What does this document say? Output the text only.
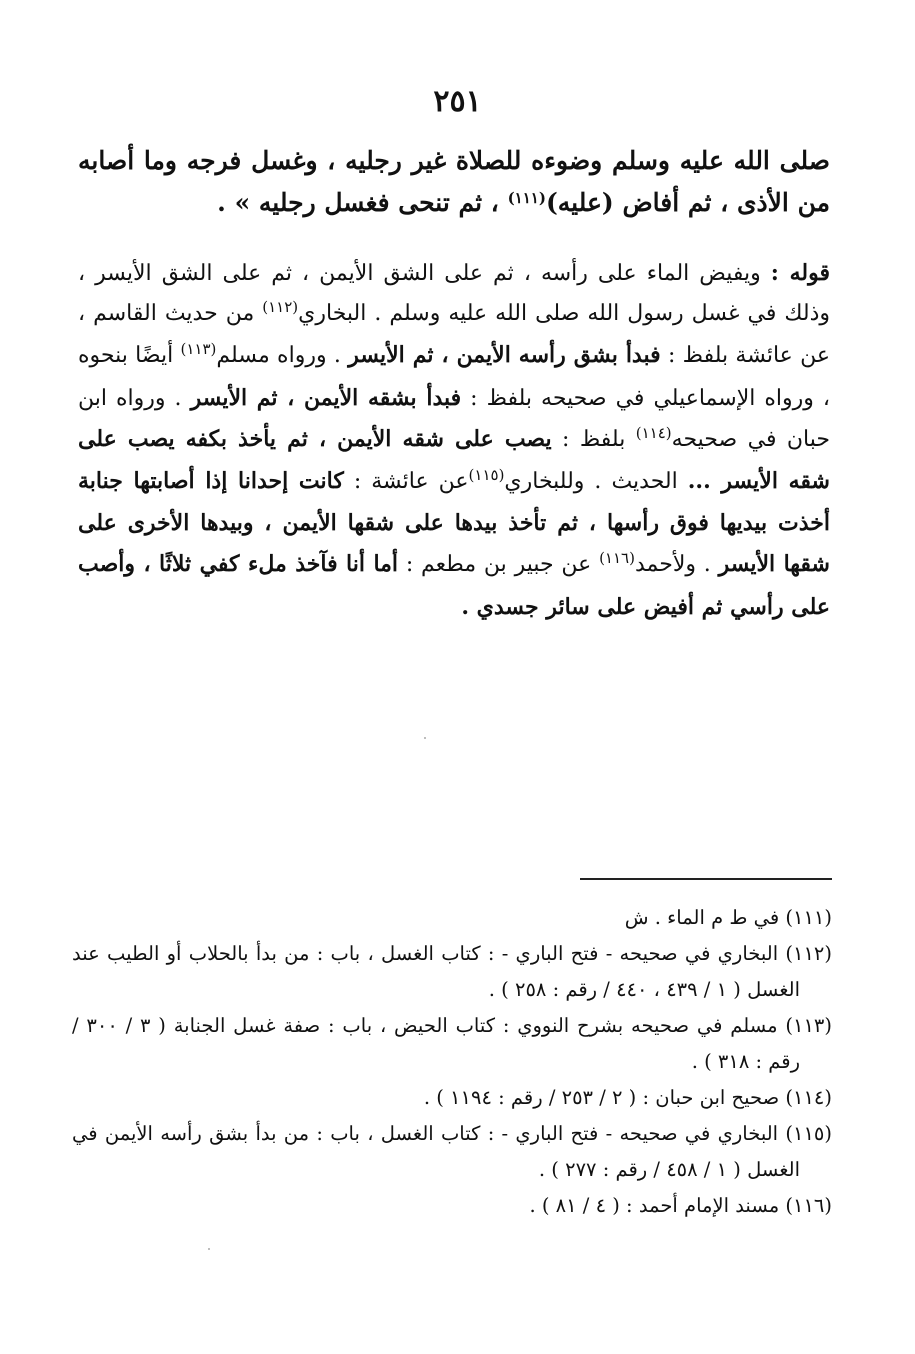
٢٥١

صلى الله عليه وسلم وضوءه للصلاة غير رجليه ، وغسل فرجه وما أصابه من الأذى ، ثم أفاض (عليه)$^{(١١١)}$ ، ثم تنحى فغسل رجليه » .

قوله : ويفيض الماء على رأسه ، ثم على الشق الأيمن ، ثم على الشق الأيسر ، وذلك في غسل رسول الله صلى الله عليه وسلم . البخاري$^{(١١٢)}$ من حديث القاسم ، عن عائشة بلفظ : فبدأ بشق رأسه الأيمن ، ثم الأيسر . ورواه مسلم$^{(١١٣)}$ أيضًا بنحوه ، ورواه الإسماعيلي في صحيحه بلفظ : فبدأ بشقه الأيمن ، ثم الأيسر . ورواه ابن حبان في صحيحه$^{(١١٤)}$ بلفظ : يصب على شقه الأيمن ، ثم يأخذ بكفه يصب على شقه الأيسر ... الحديث . وللبخاري$^{(١١٥)}$عن عائشة : كانت إحدانا إذا أصابتها جنابة أخذت بيديها فوق رأسها ، ثم تأخذ بيدها على شقها الأيمن ، وبيدها الأخرى على شقها الأيسر . ولأحمد$^{(١١٦)}$ عن جبير بن مطعم : أما أنا فآخذ ملء كفي ثلاثًا ، وأصب على رأسي ثم أفيض على سائر جسدي .

(١١١) في ط م الماء . ش

(١١٢) البخاري في صحيحه - فتح الباري - : كتاب الغسل ، باب : من بدأ بالحلاب أو الطيب عند الغسل ( ١ / ٤٣٩ ، ٤٤٠ / رقم : ٢٥٨ ) .

(١١٣) مسلم في صحيحه بشرح النووي : كتاب الحيض ، باب : صفة غسل الجنابة ( ٣ / ٣٠٠ / رقم : ٣١٨ ) .

(١١٤) صحيح ابن حبان : ( ٢ / ٢٥٣ / رقم : ١١٩٤ ) .

(١١٥) البخاري في صحيحه - فتح الباري - : كتاب الغسل ، باب : من بدأ بشق رأسه الأيمن في الغسل ( ١ / ٤٥٨ / رقم : ٢٧٧ ) .

(١١٦) مسند الإمام أحمد : ( ٤ / ٨١ ) .
